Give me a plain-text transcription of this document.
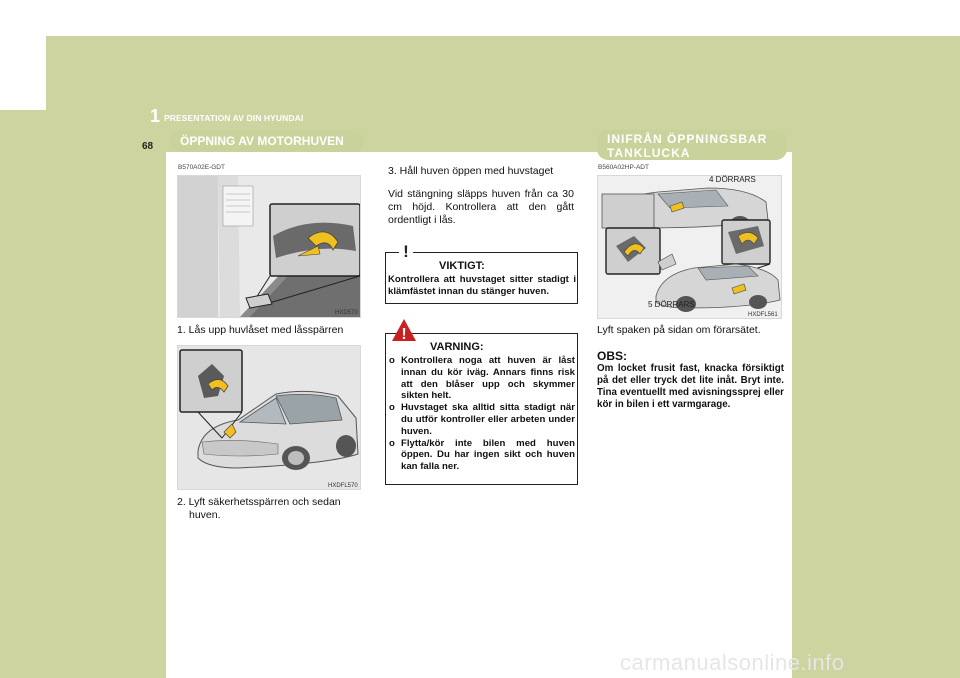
1 PRESENTATION AV DIN HYUNDAI
68	ÖPPNING AV MOTORHUVEN
B570A02E-GDT
HXD570
1. Lås upp huvlåset med låsspärren
HXDFL570
2. Lyft säkerhetsspärren och sedan
huven.
3. Håll huven öppen med huvstaget

Vid stängning släpps huven från ca 30 cm höjd. Kontrollera att den gått ordentligt i lås.

!
VIKTIGT:

Kontrollera att huvstaget sitter stadigt i klämfästet innan du stänger huven.

!
VARNING:
o Kontrollera noga att huven är låst innan du kör iväg. Annars finns risk att den blåser upp och skymmer sikten helt.
o Huvstaget ska alltid sitta stadigt när du utför kontroller eller arbeten under huven.
o Flytta/kör inte bilen med huven öppen. Du har ingen sikt och huven kan falla ner.
INIFRÅN ÖPPNINGSBAR
TANKLUCKA
B560A02HP-ADT
4 DÖRRARS
5 DÖRRARS
HXDFL561
Lyft spaken på sidan om förarsätet.
OBS:

Om locket frusit fast, knacka försiktigt på det eller tryck det lite inåt. Bryt inte. Tina eventuellt med avisningssprej eller kör in bilen i ett varmgarage.

carmanualsonline.info
